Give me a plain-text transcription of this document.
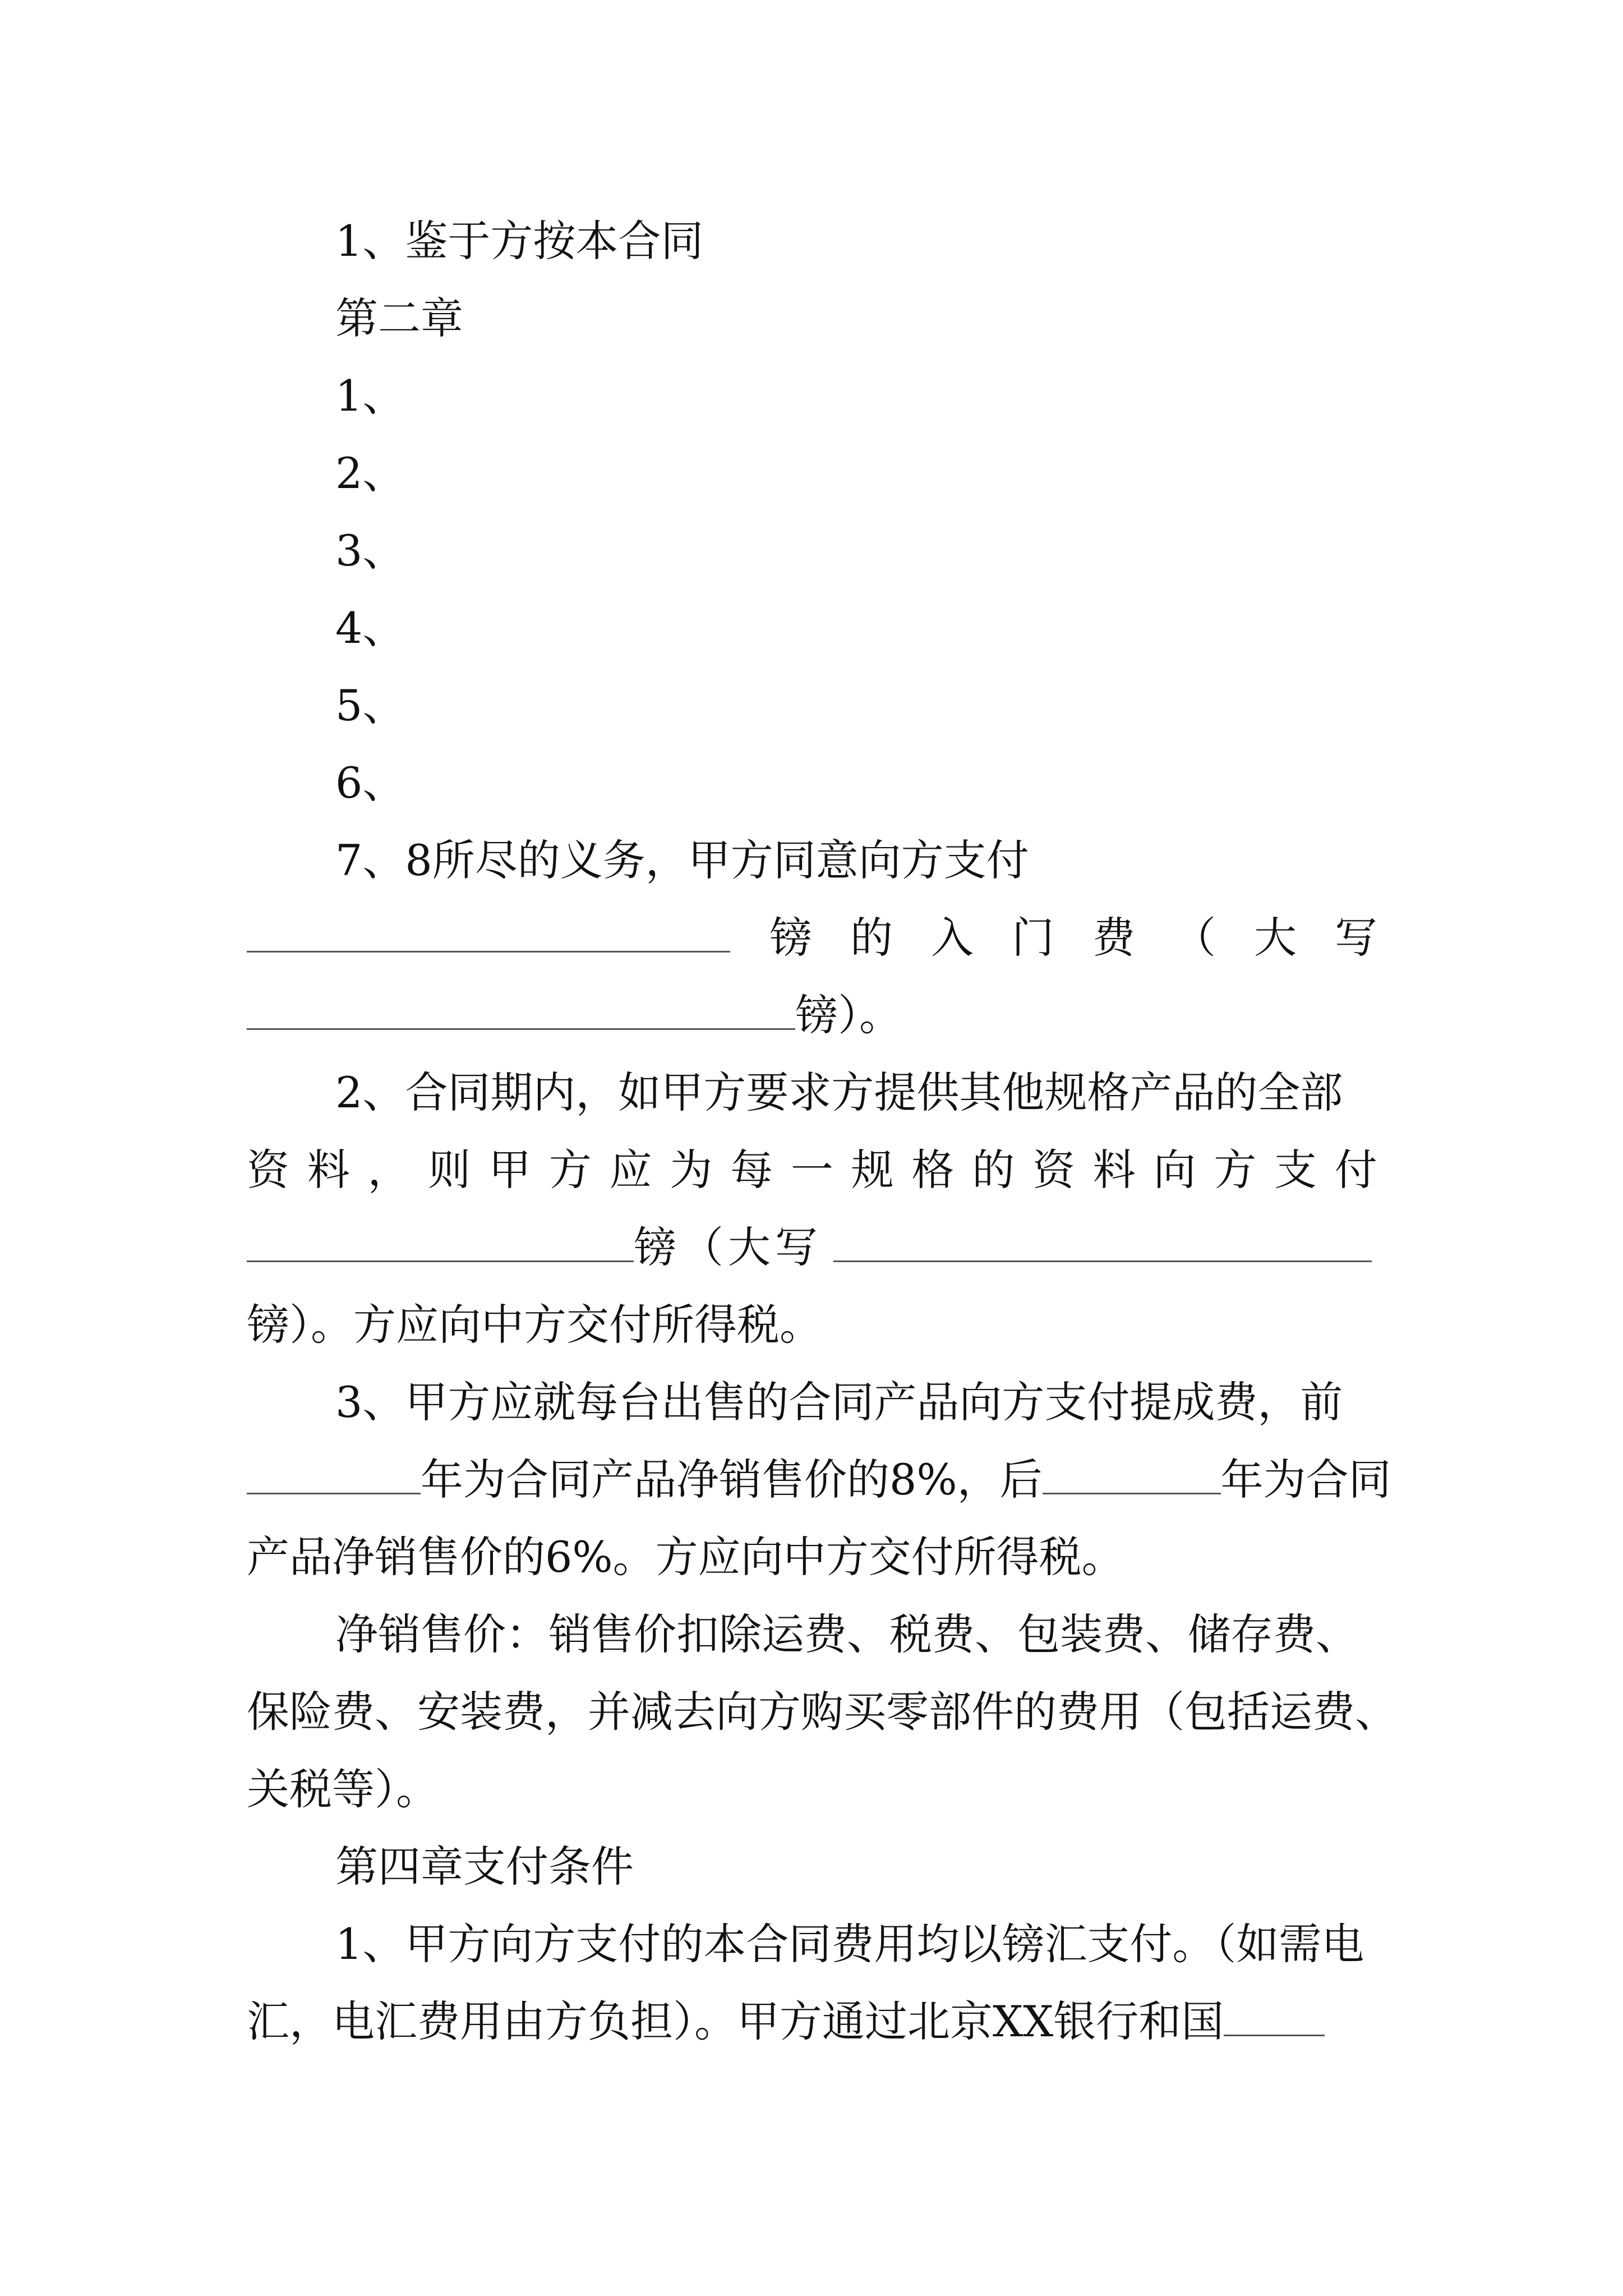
1、鉴于方按本合同
第二章
1、
2、
3、
4、
5、
6、
7 、 8 所 尽 的 义 务 ， 甲 方 同 意 向 方 支 付
镑 的 入 门 费 （ 大 写
镑）。
2、合同期内，如甲方要求方提供其他规格产品的全部
资 料 ， 则 甲 方 应 为 每 一 规 格 的 资 料 向 方 支 付
镑（大写
镑）。方应向中方交付所得税。
3、甲方应就每台出售的合同产品向方支付提成费，前
年为合同产品净销售价的8%，后	年为合同
产品净销售价的6%。方应向中方交付所得税。
净销售价：销售价扣除运费、税费、包装费、储存费、
保险费、安装费，并减去向方购买零部件的费用（包括运费、
关税等）。
第四章支付条件
1、甲方向方支付的本合同费用均以镑汇支付。（如需电
汇，电汇费用由方负担）。甲方通过北京XX银行和国
